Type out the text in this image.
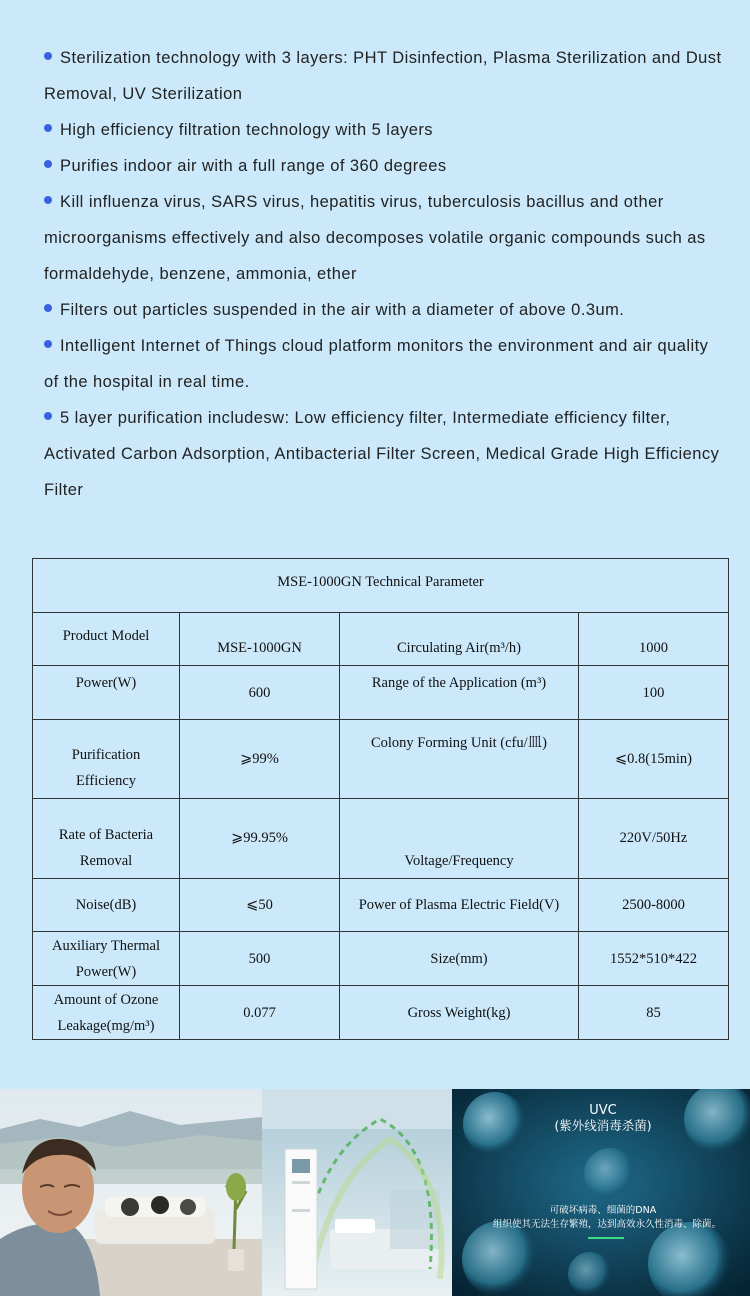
Sterilization technology with 3 layers: PHT Disinfection, Plasma Sterilization and Dust Removal, UV Sterilization

High efficiency filtration technology with 5 layers

Purifies indoor air with a full range of 360 degrees

Kill influenza virus, SARS virus, hepatitis virus, tuberculosis bacillus and other microorganisms effectively and also decomposes volatile organic compounds such as formaldehyde, benzene, ammonia, ether

Filters out particles suspended in the air with a diameter of above 0.3um.

Intelligent Internet of Things cloud platform monitors the environment and air quality of the hospital in real time.

5 layer purification includesw: Low efficiency filter, Intermediate efficiency filter, Activated Carbon Adsorption, Antibacterial Filter Screen, Medical Grade High Efficiency Filter

MSE-1000GN Technical Parameter			
Product Model	MSE-1000GN	Circulating Air(m³/h)	1000
Power(W)	600	Range of the Application (m³)	100
Purification Efficiency	⩾99%	Colony Forming Unit (cfu/皿)	⩽0.8(15min)
Rate of Bacteria Removal	⩾99.95%	Voltage/Frequency	220V/50Hz
Noise(dB)	⩽50	Power of Plasma Electric Field(V)	2500-8000
Auxiliary Thermal Power(W)	500	Size(mm)	1552*510*422
Amount of Ozone Leakage(mg/m³)	0.077	Gross Weight(kg)	85
UVC
(紫外线消毒杀菌)
可破坏病毒、细菌的DNA
组织使其无法生存繁殖，达到高效永久性消毒、除菌。
